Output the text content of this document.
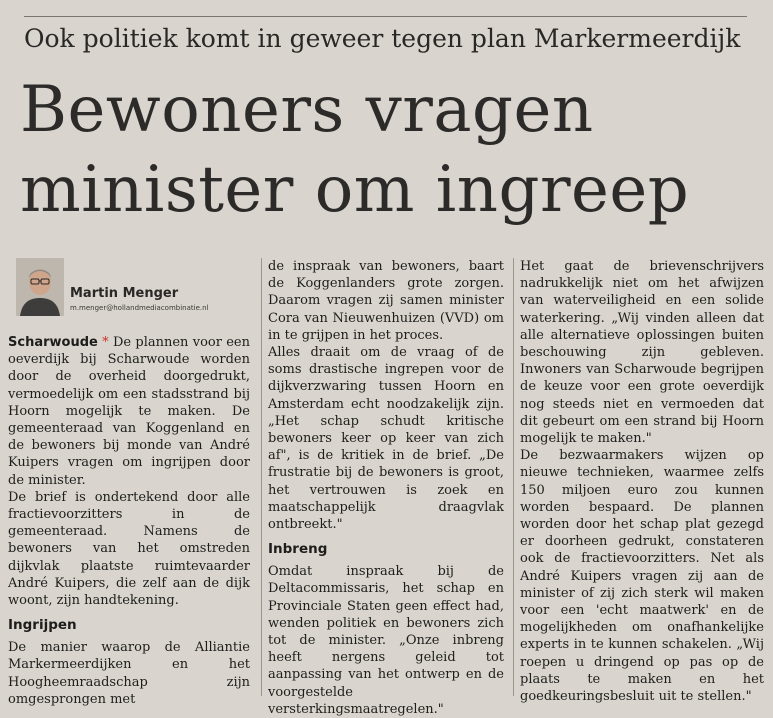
Ook politiek komt in geweer tegen plan Markermeerdijk
Bewoners vragen
minister om ingreep
Martin Menger
m.menger@hollandmediacombinatie.nl

Scharwoude * De plannen voor een oeverdijk bij Scharwoude worden door de overheid doorgedrukt, vermoedelijk om een stadsstrand bij Hoorn mogelijk te maken. De gemeenteraad van Koggenland en de bewoners bij monde van André Kuipers vragen om ingrijpen door de minister.

De brief is ondertekend door alle fractievoorzitters in de gemeenteraad. Namens de bewoners van het omstreden dijkvlak plaatste ruimtevaarder André Kuipers, die zelf aan de dijk woont, zijn handtekening.

Ingrijpen

De manier waarop de Alliantie Markermeerdijken en het Hoogheemraadschap zijn omgesprongen met

de inspraak van bewoners, baart de Koggenlanders grote zorgen. Daarom vragen zij samen minister Cora van Nieuwenhuizen (VVD) om in te grijpen in het proces.

Alles draait om de vraag of de soms drastische ingrepen voor de dijkverzwaring tussen Hoorn en Amsterdam echt noodzakelijk zijn. „Het schap schudt kritische bewoners keer op keer van zich af", is de kritiek in de brief. „De frustratie bij de bewoners is groot, het vertrouwen is zoek en maatschappelijk draagvlak ontbreekt."

Inbreng

Omdat inspraak bij de Deltacommissaris, het schap en Provinciale Staten geen effect had, wenden politiek en bewoners zich tot de minister. „Onze inbreng heeft nergens geleid tot aanpassing van het ontwerp en de voorgestelde versterkingsmaatregelen."

Het gaat de brievenschrijvers nadrukkelijk niet om het afwijzen van waterveiligheid en een solide waterkering. „Wij vinden alleen dat alle alternatieve oplossingen buiten beschouwing zijn gebleven. Inwoners van Scharwoude begrijpen de keuze voor een grote oeverdijk nog steeds niet en vermoeden dat dit gebeurt om een strand bij Hoorn mogelijk te maken."

De bezwaarmakers wijzen op nieuwe technieken, waarmee zelfs 150 miljoen euro zou kunnen worden bespaard. De plannen worden door het schap plat gezegd er doorheen gedrukt, constateren ook de fractievoorzitters. Net als André Kuipers vragen zij aan de minister of zij zich sterk wil maken voor een 'echt maatwerk' en de mogelijkheden om onafhankelijke experts in te kunnen schakelen. „Wij roepen u dringend op pas op de plaats te maken en het goedkeuringsbesluit uit te stellen."
